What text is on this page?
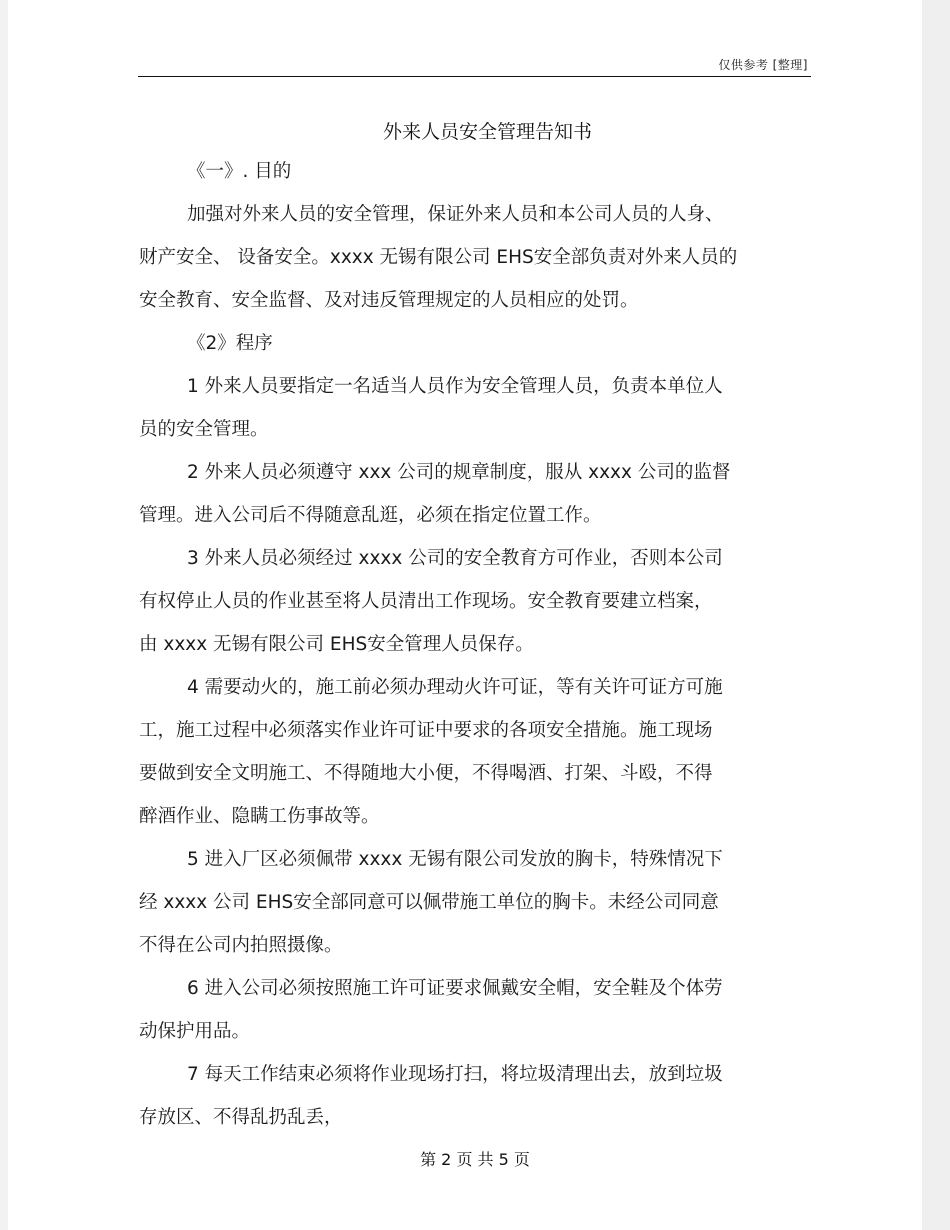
仅供参考 [整理]
外来人员安全管理告知书
《一》. 目的
加强对外来人员的安全管理，保证外来人员和本公司人员的人身、
财产安全、 设备安全。xxxx 无锡有限公司 EHS安全部负责对外来人员的
安全教育、安全监督、及对违反管理规定的人员相应的处罚。
《2》程序
1 外来人员要指定一名适当人员作为安全管理人员，负责本单位人
员的安全管理。
2 外来人员必须遵守 xxx 公司的规章制度，服从 xxxx 公司的监督
管理。进入公司后不得随意乱逛，必须在指定位置工作。
3 外来人员必须经过 xxxx 公司的安全教育方可作业，否则本公司
有权停止人员的作业甚至将人员清出工作现场。安全教育要建立档案，
由 xxxx 无锡有限公司 EHS安全管理人员保存。
4 需要动火的，施工前必须办理动火许可证，等有关许可证方可施
工，施工过程中必须落实作业许可证中要求的各项安全措施。施工现场
要做到安全文明施工、不得随地大小便，不得喝酒、打架、斗殴，不得
醉酒作业、隐瞒工伤事故等。
5 进入厂区必须佩带 xxxx 无锡有限公司发放的胸卡，特殊情况下
经 xxxx 公司 EHS安全部同意可以佩带施工单位的胸卡。未经公司同意
不得在公司内拍照摄像。
6 进入公司必须按照施工许可证要求佩戴安全帽，安全鞋及个体劳
动保护用品。
7 每天工作结束必须将作业现场打扫，将垃圾清理出去，放到垃圾
存放区、不得乱扔乱丢，
第 2 页 共 5 页
